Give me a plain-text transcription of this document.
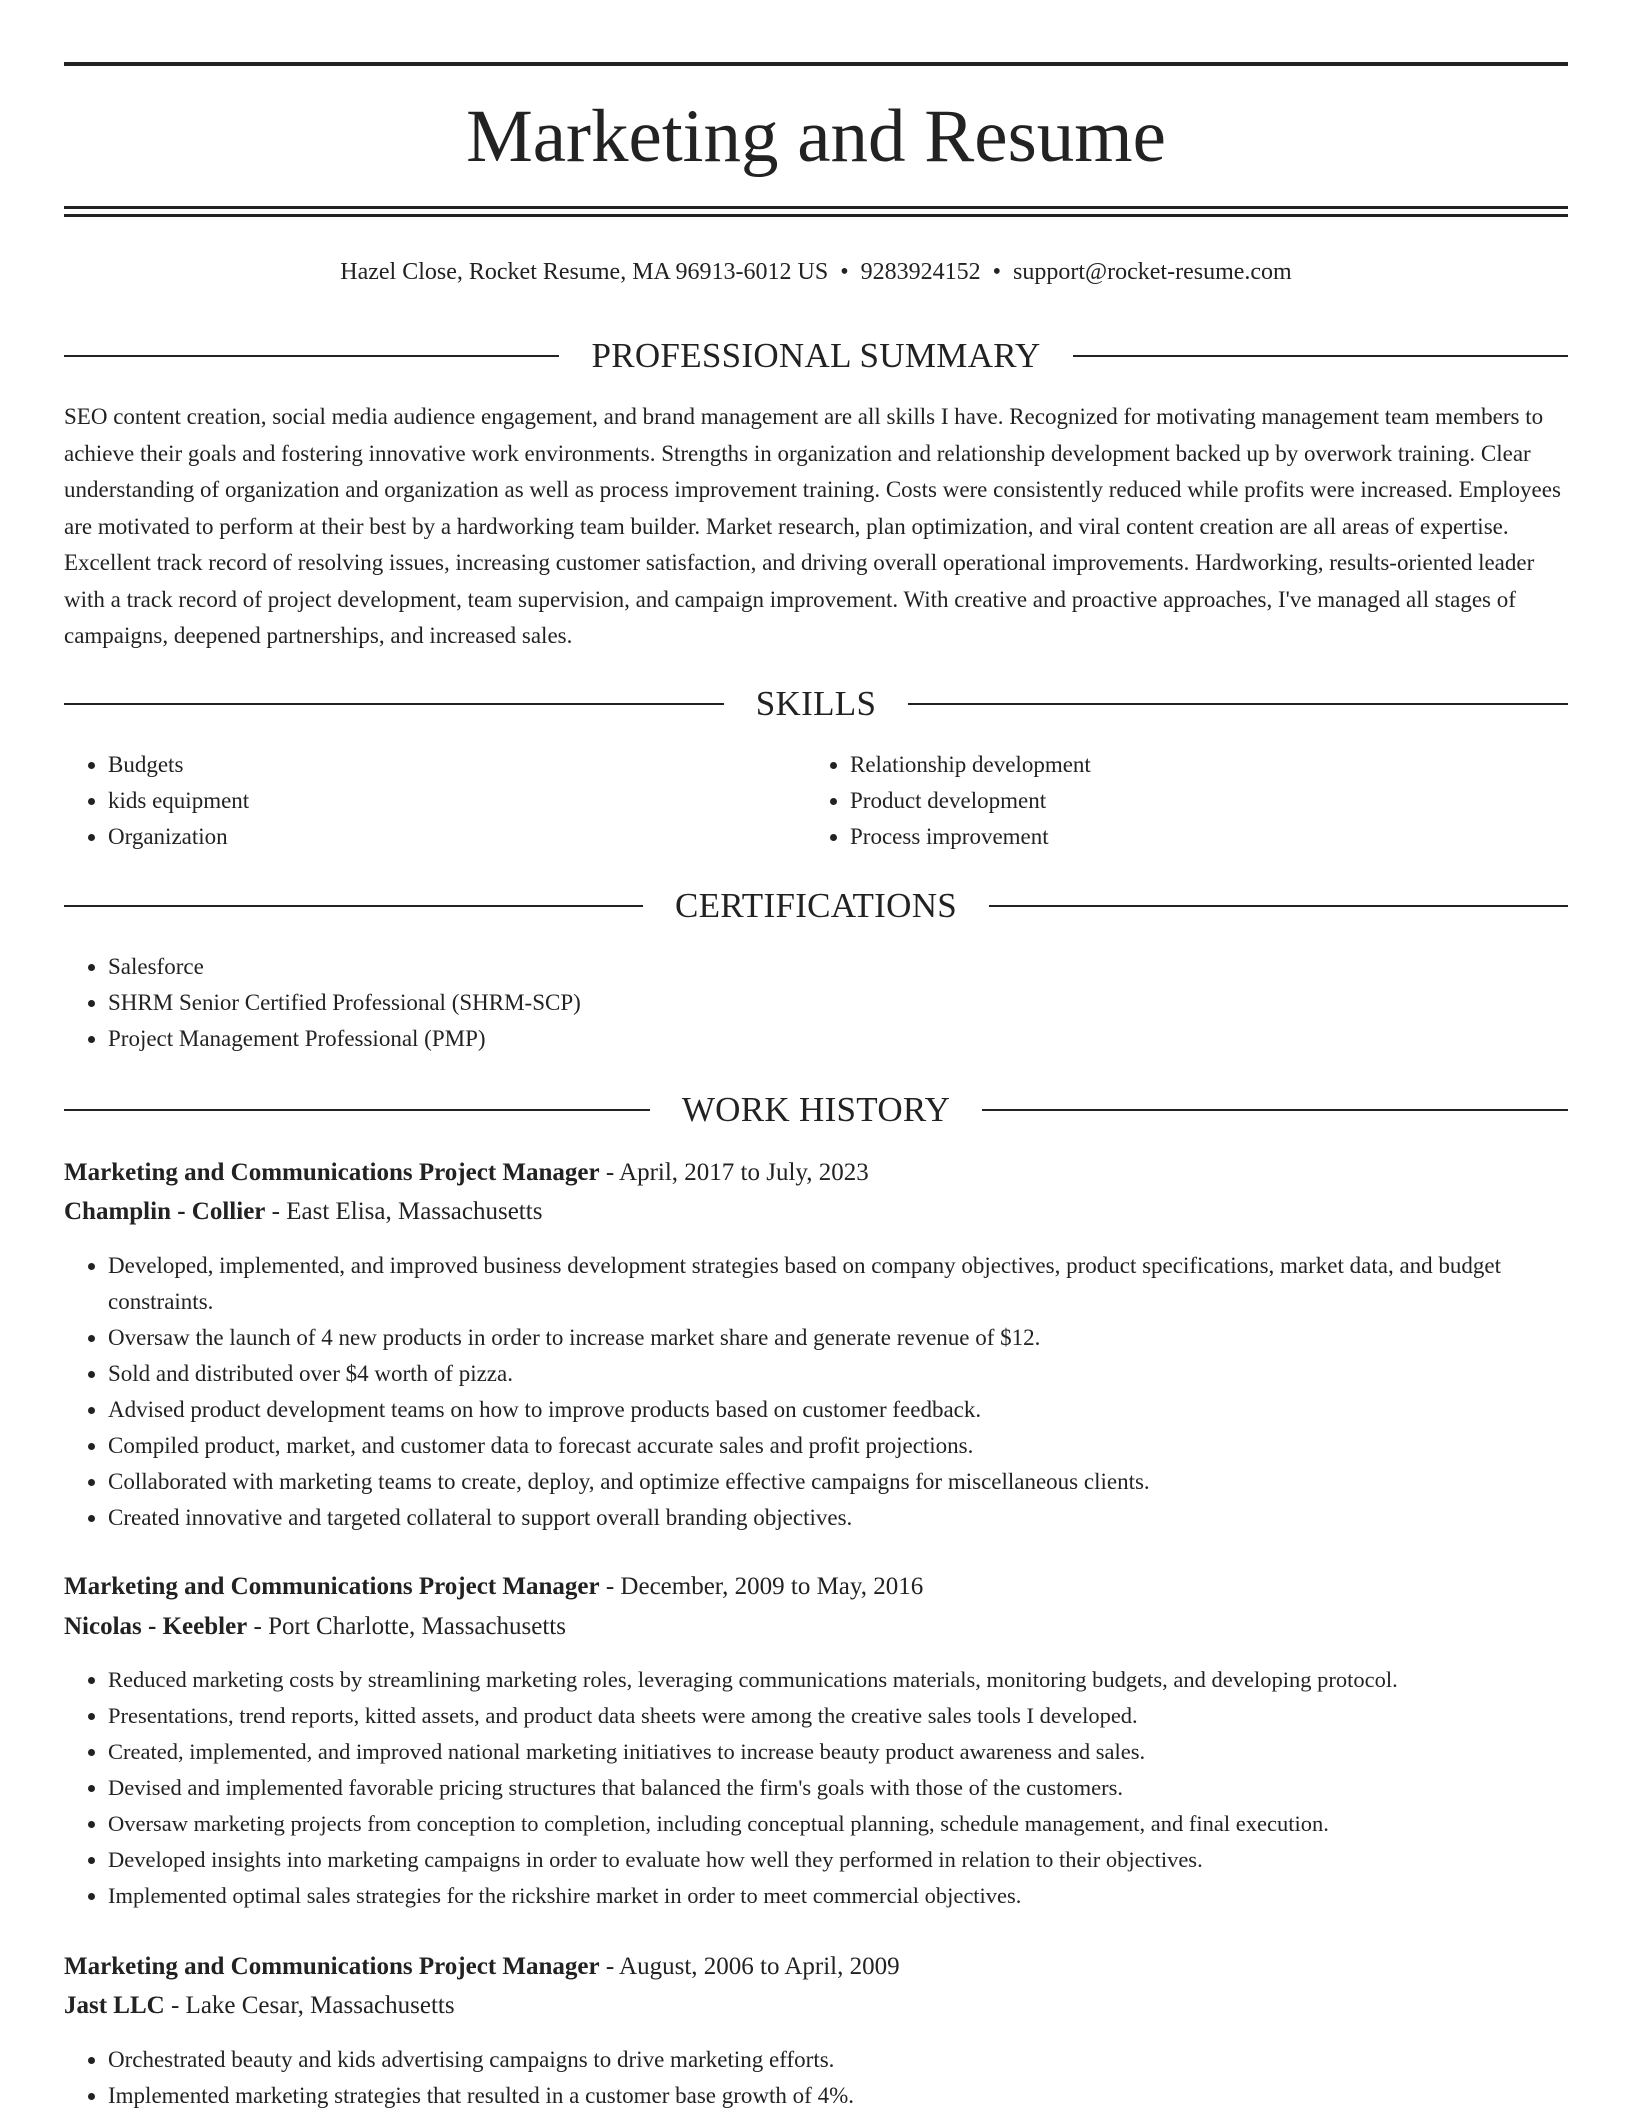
Marketing and Resume
Hazel Close, Rocket Resume, MA 96913-6012 US • 9283924152 • support@rocket-resume.com
PROFESSIONAL SUMMARY

SEO content creation, social media audience engagement, and brand management are all skills I have. Recognized for motivating management team members to achieve their goals and fostering innovative work environments. Strengths in organization and relationship development backed up by overwork training. Clear understanding of organization and organization as well as process improvement training. Costs were consistently reduced while profits were increased. Employees are motivated to perform at their best by a hardworking team builder. Market research, plan optimization, and viral content creation are all areas of expertise. Excellent track record of resolving issues, increasing customer satisfaction, and driving overall operational improvements. Hardworking, results-oriented leader with a track record of project development, team supervision, and campaign improvement. With creative and proactive approaches, I've managed all stages of campaigns, deepened partnerships, and increased sales.

SKILLS
• Budgets
• kids equipment
• Organization
• Relationship development
• Product development
• Process improvement
CERTIFICATIONS
• Salesforce
• SHRM Senior Certified Professional (SHRM-SCP)
• Project Management Professional (PMP)
WORK HISTORY
Marketing and Communications Project Manager - April, 2017 to July, 2023
Champlin - Collier - East Elisa, Massachusetts
• Developed, implemented, and improved business development strategies based on company objectives, product specifications, market data, and budget constraints.
• Oversaw the launch of 4 new products in order to increase market share and generate revenue of $12.
• Sold and distributed over $4 worth of pizza.
• Advised product development teams on how to improve products based on customer feedback.
• Compiled product, market, and customer data to forecast accurate sales and profit projections.
• Collaborated with marketing teams to create, deploy, and optimize effective campaigns for miscellaneous clients.
• Created innovative and targeted collateral to support overall branding objectives.
Marketing and Communications Project Manager - December, 2009 to May, 2016
Nicolas - Keebler - Port Charlotte, Massachusetts
• Reduced marketing costs by streamlining marketing roles, leveraging communications materials, monitoring budgets, and developing protocol.
• Presentations, trend reports, kitted assets, and product data sheets were among the creative sales tools I developed.
• Created, implemented, and improved national marketing initiatives to increase beauty product awareness and sales.
• Devised and implemented favorable pricing structures that balanced the firm's goals with those of the customers.
• Oversaw marketing projects from conception to completion, including conceptual planning, schedule management, and final execution.
• Developed insights into marketing campaigns in order to evaluate how well they performed in relation to their objectives.
• Implemented optimal sales strategies for the rickshire market in order to meet commercial objectives.
Marketing and Communications Project Manager - August, 2006 to April, 2009
Jast LLC - Lake Cesar, Massachusetts
• Orchestrated beauty and kids advertising campaigns to drive marketing efforts.
• Implemented marketing strategies that resulted in a customer base growth of 4%.
